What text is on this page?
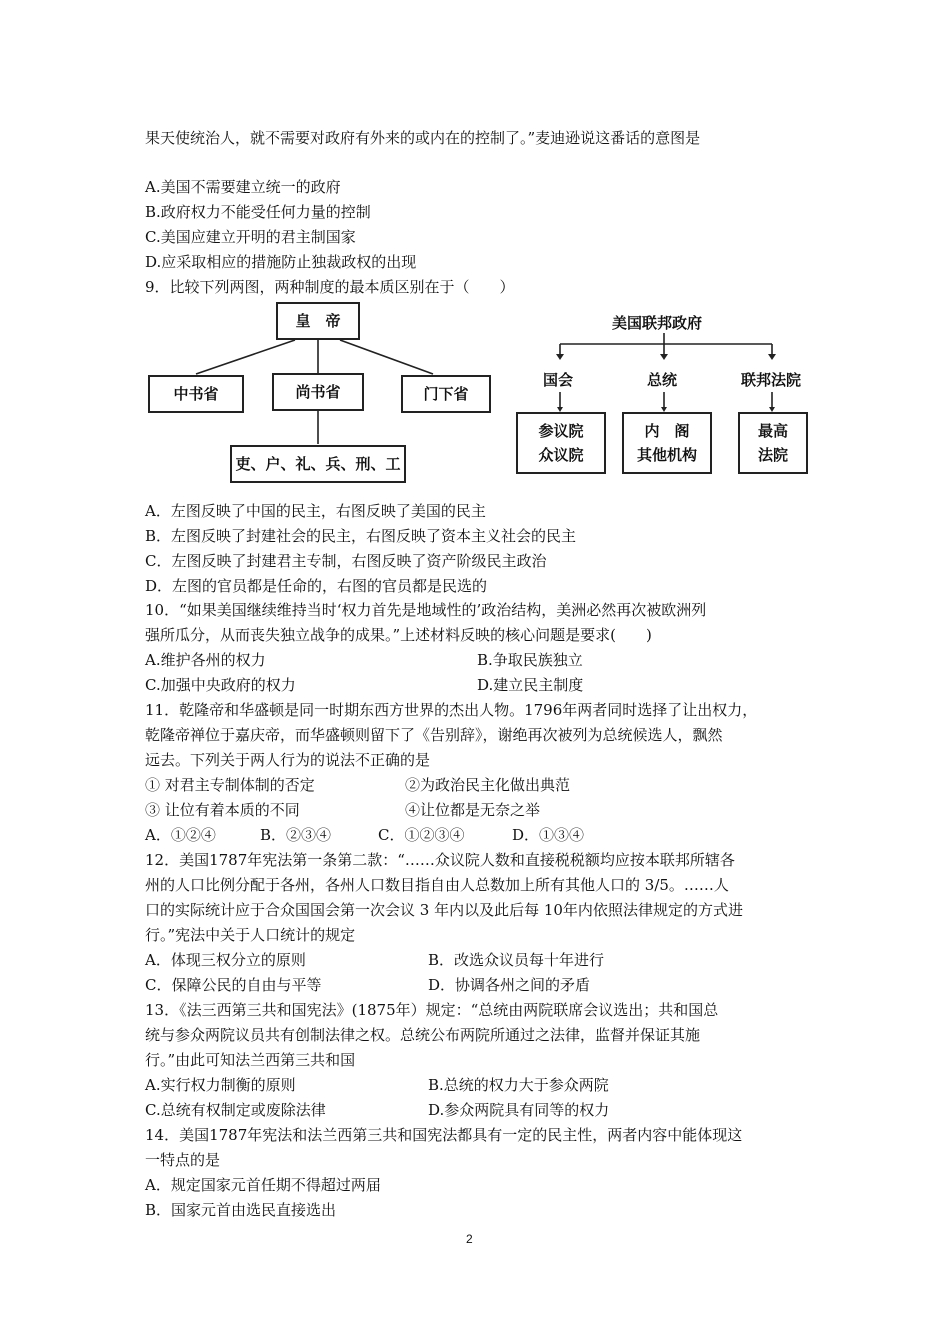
果天使统治人，就不需要对政府有外来的或内在的控制了。”麦迪逊说这番话的意图是
A.美国不需要建立统一的政府
B.政府权力不能受任何力量的控制
C.美国应建立开明的君主制国家
D.应采取相应的措施防止独裁政权的出现
9．比较下列两图，两种制度的最本质区别在于（　　）
皇　帝
中书省	尚书省	门下省
吏、户、礼、兵、刑、工
美国联邦政府
国会	总统	联邦法院
参议院
众议院
内　阁
其他机构
最高
法院
A．左图反映了中国的民主，右图反映了美国的民主
B．左图反映了封建社会的民主，右图反映了资本主义社会的民主
C．左图反映了封建君主专制，右图反映了资产阶级民主政治
D．左图的官员都是任命的，右图的官员都是民选的
10．“如果美国继续维持当时‘权力首先是地域性的’政治结构，美洲必然再次被欧洲列
强所瓜分，从而丧失独立战争的成果。”上述材料反映的核心问题是要求(　　)
A.维护各州的权力	B.争取民族独立
C.加强中央政府的权力	D.建立民主制度
11．乾隆帝和华盛顿是同一时期东西方世界的杰出人物。1796年两者同时选择了让出权力，
乾隆帝禅位于嘉庆帝，而华盛顿则留下了《告别辞》，谢绝再次被列为总统候选人，飘然
远去。下列关于两人行为的说法不正确的是
① 对君主专制体制的否定	②为政治民主化做出典范
③ 让位有着本质的不同	④让位都是无奈之举
A．①②④	B．②③④	C．①②③④	D．①③④
12．美国1787年宪法第一条第二款：“……众议院人数和直接税税额均应按本联邦所辖各
州的人口比例分配于各州，各州人口数目指自由人总数加上所有其他人口的 3/5。……人
口的实际统计应于合众国国会第一次会议 3 年内以及此后每 10年内依照法律规定的方式进
行。”宪法中关于人口统计的规定
A．体现三权分立的原则	B．改选众议员每十年进行
C．保障公民的自由与平等	D．协调各州之间的矛盾
13．《法三西第三共和国宪法》(1875年）规定：“总统由两院联席会议选出；共和国总
统与参众两院议员共有创制法律之权。总统公布两院所通过之法律，监督并保证其施
行。”由此可知法兰西第三共和国
A.实行权力制衡的原则	B.总统的权力大于参众两院
C.总统有权制定或废除法律	D.参众两院具有同等的权力
14．美国1787年宪法和法兰西第三共和国宪法都具有一定的民主性，两者内容中能体现这
一特点的是
A．规定国家元首任期不得超过两届
B．国家元首由选民直接选出
2
